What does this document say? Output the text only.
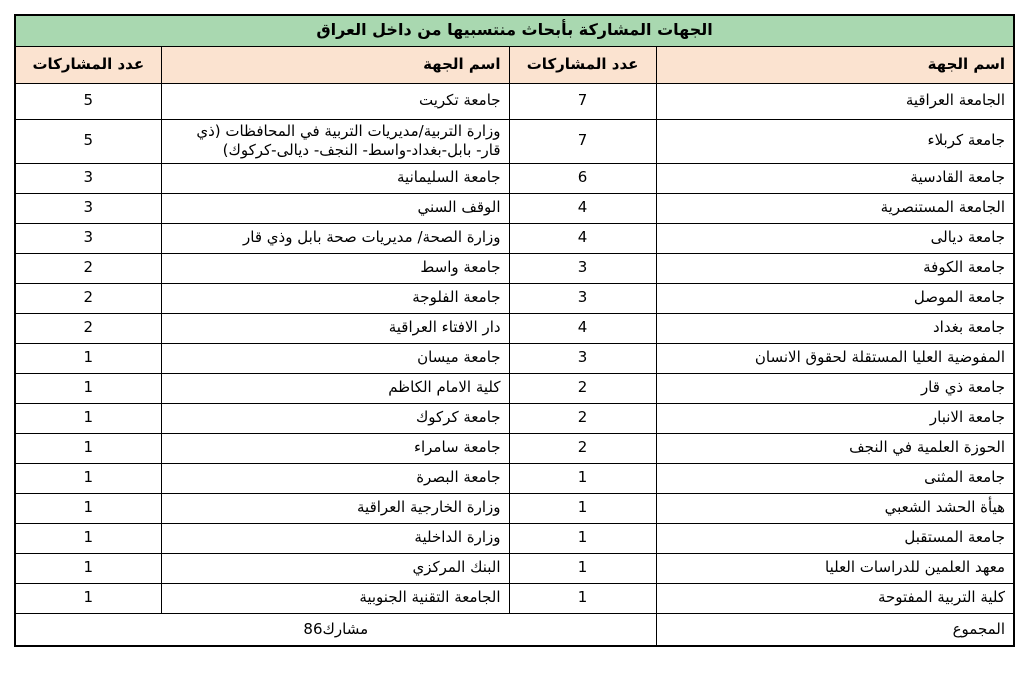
الجهات المشاركة بأبحاث منتسبيها من داخل العراق			
اسم الجهة	عدد المشاركات	اسم الجهة	عدد المشاركات
الجامعة العراقية	7	جامعة تكريت	5
جامعة كربلاء	7	وزارة التربية/مديريات التربية في المحافظات (ذي قار- بابل-بغداد-واسط- النجف- ديالى-كركوك)	5
جامعة القادسية	6	جامعة السليمانية	3
الجامعة المستنصرية	4	الوقف السني	3
جامعة ديالى	4	وزارة الصحة/ مديريات صحة بابل وذي قار	3
جامعة الكوفة	3	جامعة واسط	2
جامعة الموصل	3	جامعة الفلوجة	2
جامعة بغداد	4	دار الافتاء العراقية	2
المفوضية العليا المستقلة لحقوق الانسان	3	جامعة ميسان	1
جامعة ذي قار	2	كلية الامام الكاظم	1
جامعة الانبار	2	جامعة كركوك	1
الحوزة العلمية في النجف	2	جامعة سامراء	1
جامعة المثنى	1	جامعة البصرة	1
هيأة الحشد الشعبي	1	وزارة الخارجية العراقية	1
جامعة المستقبل	1	وزارة الداخلية	1
معهد العلمين للدراسات العليا	1	البنك المركزي	1
كلية التربية المفتوحة	1	الجامعة التقنية الجنوبية	1
المجموع	مشارك86		
